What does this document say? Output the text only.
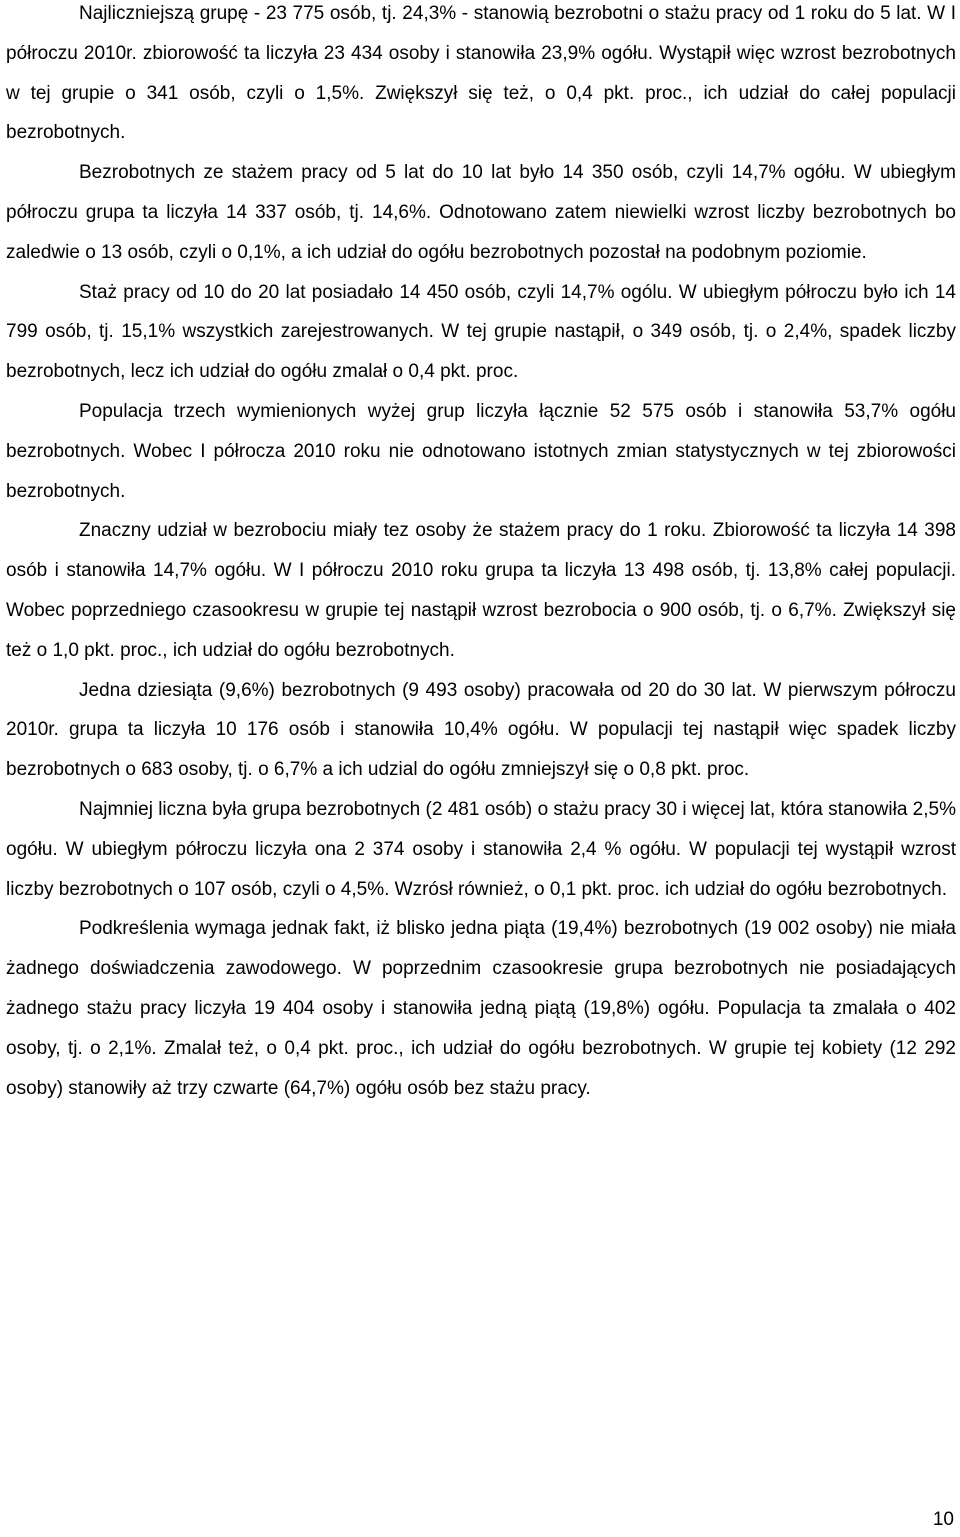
Najliczniejszą grupę - 23 775 osób, tj. 24,3% - stanowią bezrobotni o stażu pracy od 1 roku do 5 lat. W I półroczu 2010r. zbiorowość ta liczyła 23 434 osoby i stanowiła 23,9% ogółu. Wystąpił więc wzrost bezrobotnych w tej grupie o 341 osób, czyli o 1,5%. Zwiększył się też, o 0,4 pkt. proc., ich udział do całej populacji bezrobotnych.

Bezrobotnych ze stażem pracy od 5 lat do 10 lat było 14 350 osób, czyli 14,7% ogółu. W ubiegłym półroczu grupa ta liczyła 14 337 osób, tj. 14,6%. Odnotowano zatem niewielki wzrost liczby bezrobotnych bo zaledwie o 13 osób, czyli o 0,1%, a ich udział do ogółu bezrobotnych pozostał na podobnym poziomie.

Staż pracy od 10 do 20 lat posiadało 14 450 osób, czyli 14,7% ogólu. W ubiegłym półroczu było ich 14 799 osób, tj. 15,1% wszystkich zarejestrowanych. W tej grupie nastąpił, o 349 osób, tj. o 2,4%, spadek liczby bezrobotnych, lecz ich udział do ogółu zmalał o 0,4 pkt. proc.

Populacja trzech wymienionych wyżej grup liczyła łącznie 52 575 osób i stanowiła 53,7% ogółu bezrobotnych. Wobec I półrocza 2010 roku nie odnotowano istotnych zmian statystycznych w tej zbiorowości bezrobotnych.

Znaczny udział w bezrobociu miały tez osoby że stażem pracy do 1 roku. Zbiorowość ta liczyła 14 398 osób i stanowiła 14,7% ogółu. W I półroczu 2010 roku grupa ta liczyła 13 498 osób, tj. 13,8% całej populacji. Wobec poprzedniego czasookresu w grupie tej nastąpił wzrost bezrobocia o 900 osób, tj. o 6,7%. Zwiększył się też o 1,0 pkt. proc., ich udział do ogółu bezrobotnych.

Jedna dziesiąta (9,6%) bezrobotnych (9 493 osoby) pracowała od 20 do 30 lat. W pierwszym półroczu 2010r. grupa ta liczyła 10 176 osób i stanowiła 10,4% ogółu. W populacji tej nastąpił więc spadek liczby bezrobotnych o 683 osoby, tj. o 6,7% a ich udzial do ogółu zmniejszył się o 0,8 pkt. proc.

Najmniej liczna była grupa bezrobotnych (2 481 osób) o stażu pracy 30 i więcej lat, która stanowiła 2,5% ogółu. W ubiegłym półroczu liczyła ona 2 374 osoby i stanowiła 2,4 % ogółu. W populacji tej wystąpił wzrost liczby bezrobotnych o 107 osób, czyli o 4,5%. Wzrósł również, o 0,1 pkt. proc. ich udział do ogółu bezrobotnych.

Podkreślenia wymaga jednak fakt, iż blisko jedna piąta (19,4%) bezrobotnych (19 002 osoby) nie miała żadnego doświadczenia zawodowego. W poprzednim czasookresie grupa bezrobotnych nie posiadających żadnego stażu pracy liczyła 19 404 osoby i stanowiła jedną piątą (19,8%) ogółu. Populacja ta zmalała o 402 osoby, tj. o 2,1%. Zmalał też, o 0,4 pkt. proc., ich udział do ogółu bezrobotnych. W grupie tej kobiety (12 292 osoby) stanowiły aż trzy czwarte (64,7%) ogółu osób bez stażu pracy.

10
